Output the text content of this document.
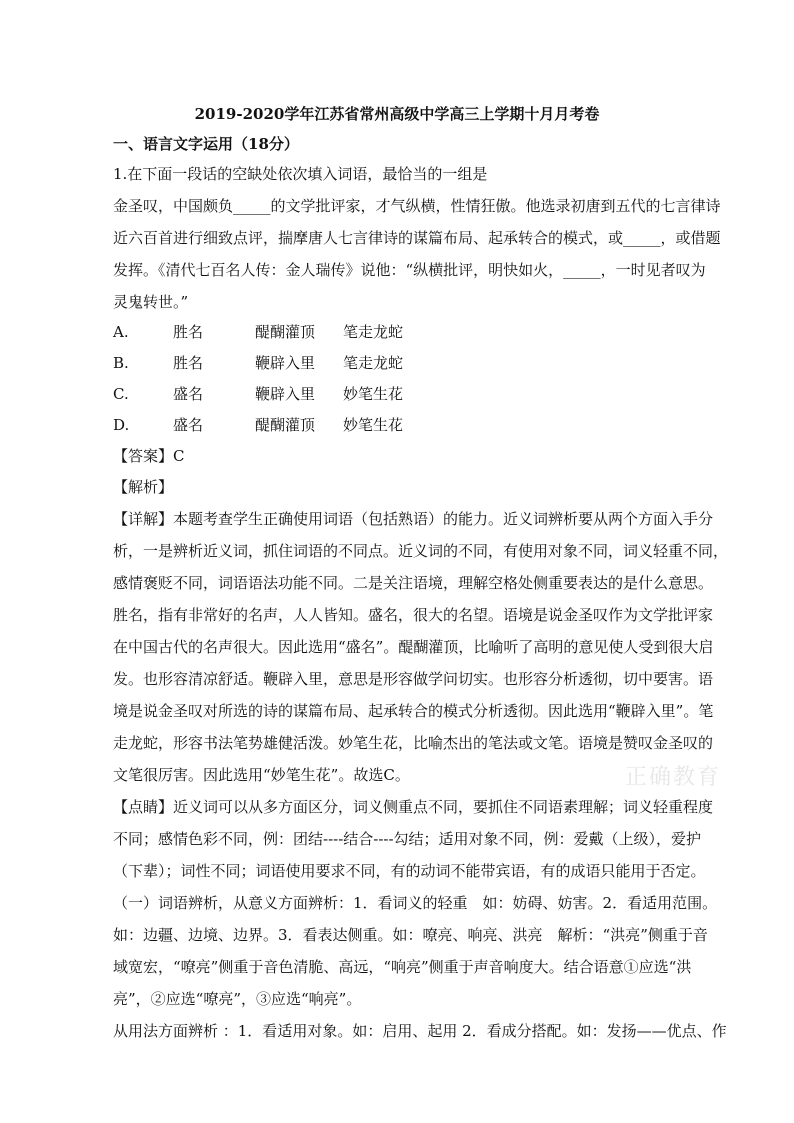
2019-2020学年江苏省常州高级中学高三上学期十月月考卷
一、语言文字运用（18分）
1.在下面一段话的空缺处依次填入词语，最恰当的一组是
金圣叹，中国颇负_____的文学批评家，才气纵横，性情狂傲。他选录初唐到五代的七言律诗
近六百首进行细致点评，揣摩唐人七言律诗的谋篇布局、起承转合的模式，或_____，或借题
发挥。《清代七百名人传：金人瑞传》说他：“纵横批评，明快如火，_____，一时见者叹为
灵鬼转世。”
A.	胜名	醍醐灌顶	笔走龙蛇
B.	胜名	鞭辟入里	笔走龙蛇
C.	盛名	鞭辟入里	妙笔生花
D.	盛名	醍醐灌顶	妙笔生花
【答案】C
【解析】
【详解】本题考查学生正确使用词语（包括熟语）的能力。近义词辨析要从两个方面入手分
析，一是辨析近义词，抓住词语的不同点。近义词的不同，有使用对象不同，词义轻重不同，
感情褒贬不同，词语语法功能不同。二是关注语境，理解空格处侧重要表达的是什么意思。
胜名，指有非常好的名声，人人皆知。盛名，很大的名望。语境是说金圣叹作为文学批评家
在中国古代的名声很大。因此选用“盛名”。醍醐灌顶，比喻听了高明的意见使人受到很大启
发。也形容清凉舒适。鞭辟入里，意思是形容做学问切实。也形容分析透彻，切中要害。语
境是说金圣叹对所选的诗的谋篇布局、起承转合的模式分析透彻。因此选用“鞭辟入里”。笔
走龙蛇，形容书法笔势雄健活泼。妙笔生花，比喻杰出的笔法或文笔。语境是赞叹金圣叹的
文笔很厉害。因此选用“妙笔生花”。故选C。
【点睛】近义词可以从多方面区分，词义侧重点不同，要抓住不同语素理解；词义轻重程度
不同；感情色彩不同，例：团结----结合----勾结；适用对象不同，例：爱戴（上级），爱护
（下辈）；词性不同；词语使用要求不同，有的动词不能带宾语，有的成语只能用于否定。
（一）词语辨析，从意义方面辨析：1．看词义的轻重　如：妨碍、妨害。2．看适用范围。
如：边疆、边境、边界。3．看表达侧重。如：嘹亮、响亮、洪亮　解析：“洪亮”侧重于音
域宽宏，“嘹亮”侧重于音色清脆、高远，“响亮”侧重于声音响度大。结合语意①应选“洪
亮”，②应选“嘹亮”，③应选“响亮”。
从用法方面辨析 ：1．看适用对象。如：启用、起用 2．看成分搭配。如：发扬——优点、作
正确教育
